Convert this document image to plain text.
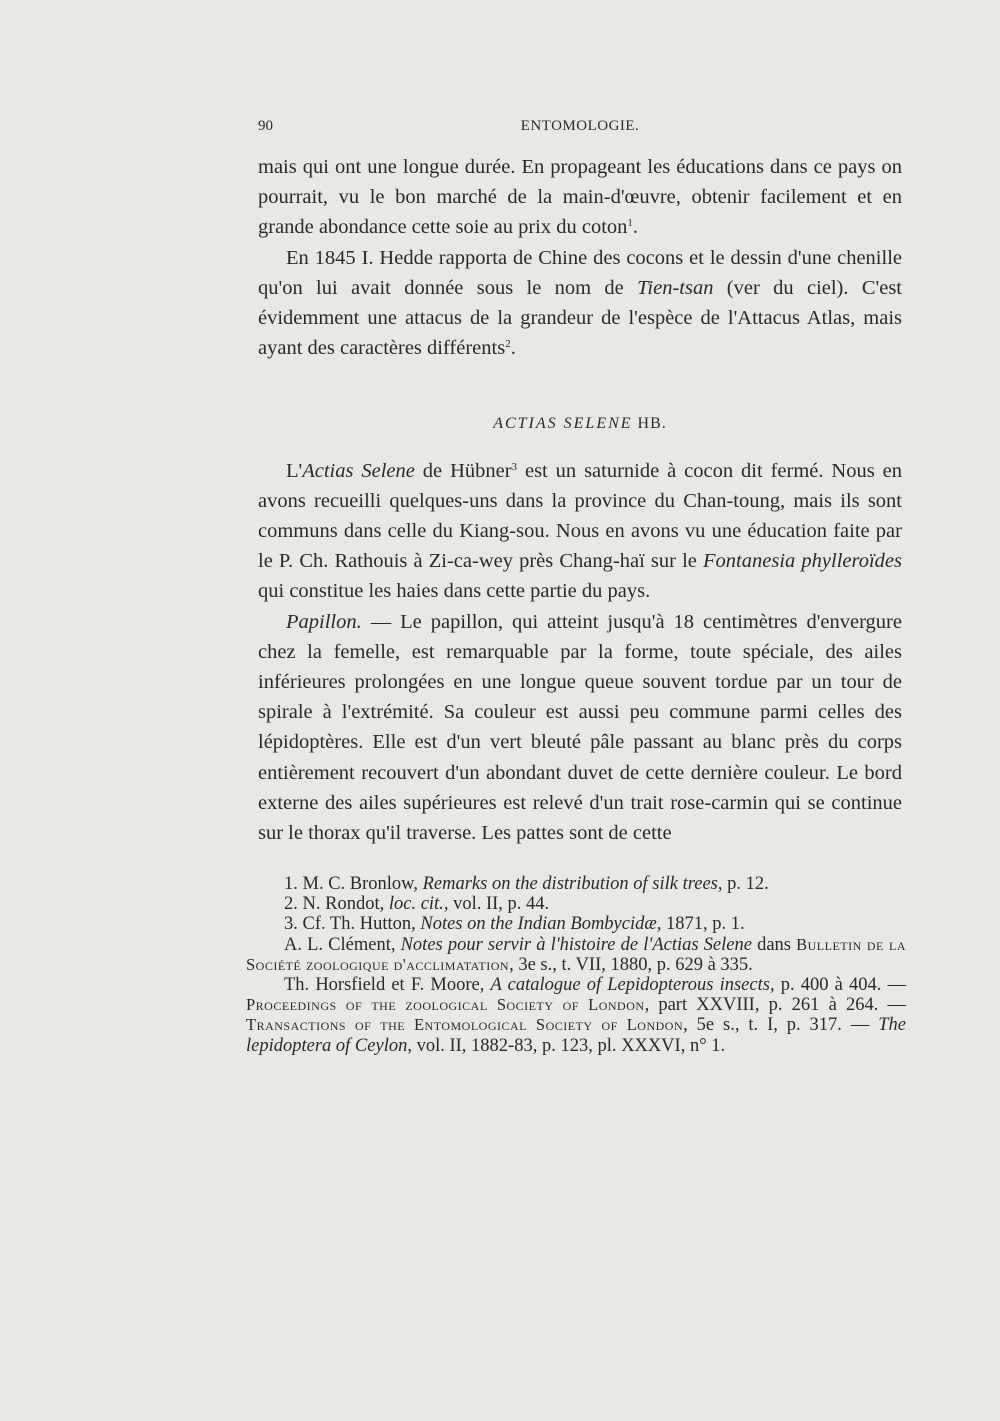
90	ENTOMOLOGIE.

mais qui ont une longue durée. En propageant les éducations dans ce pays on pourrait, vu le bon marché de la main-d'œuvre, obtenir facilement et en grande abondance cette soie au prix du coton$^1$.

En 1845 I. Hedde rapporta de Chine des cocons et le dessin d'une chenille qu'on lui avait donnée sous le nom de Tien-tsan (ver du ciel). C'est évidemment une attacus de la grandeur de l'espèce de l'Attacus Atlas, mais ayant des caractères différents$^2$.

ACTIAS SELENE HB.

L'Actias Selene de Hübner$^3$ est un saturnide à cocon dit fermé. Nous en avons recueilli quelques-uns dans la province du Chan-toung, mais ils sont communs dans celle du Kiang-sou. Nous en avons vu une éducation faite par le P. Ch. Rathouis à Zi-ca-wey près Chang-haï sur le Fontanesia phylleroïdes qui constitue les haies dans cette partie du pays.

Papillon. — Le papillon, qui atteint jusqu'à 18 centimètres d'envergure chez la femelle, est remarquable par la forme, toute spéciale, des ailes inférieures prolongées en une longue queue souvent tordue par un tour de spirale à l'extrémité. Sa couleur est aussi peu commune parmi celles des lépidoptères. Elle est d'un vert bleuté pâle passant au blanc près du corps entièrement recouvert d'un abondant duvet de cette dernière couleur. Le bord externe des ailes supérieures est relevé d'un trait rose-carmin qui se continue sur le thorax qu'il traverse. Les pattes sont de cette

1. M. C. Bronlow, Remarks on the distribution of silk trees, p. 12.

2. N. Rondot, loc. cit., vol. II, p. 44.

3. Cf. Th. Hutton, Notes on the Indian Bombycidæ, 1871, p. 1.

A. L. Clément, Notes pour servir à l'histoire de l'Actias Selene dans Bulletin de la Société zoologique d'acclimatation, 3e s., t. VII, 1880, p. 629 à 335.

Th. Horsfield et F. Moore, A catalogue of Lepidopterous insects, p. 400 à 404. — Proceedings of the zoological Society of London, part XXVIII, p. 261 à 264. — Transactions of the Entomological Society of London, 5e s., t. I, p. 317. — The lepidoptera of Ceylon, vol. II, 1882-83, p. 123, pl. XXXVI, n° 1.
